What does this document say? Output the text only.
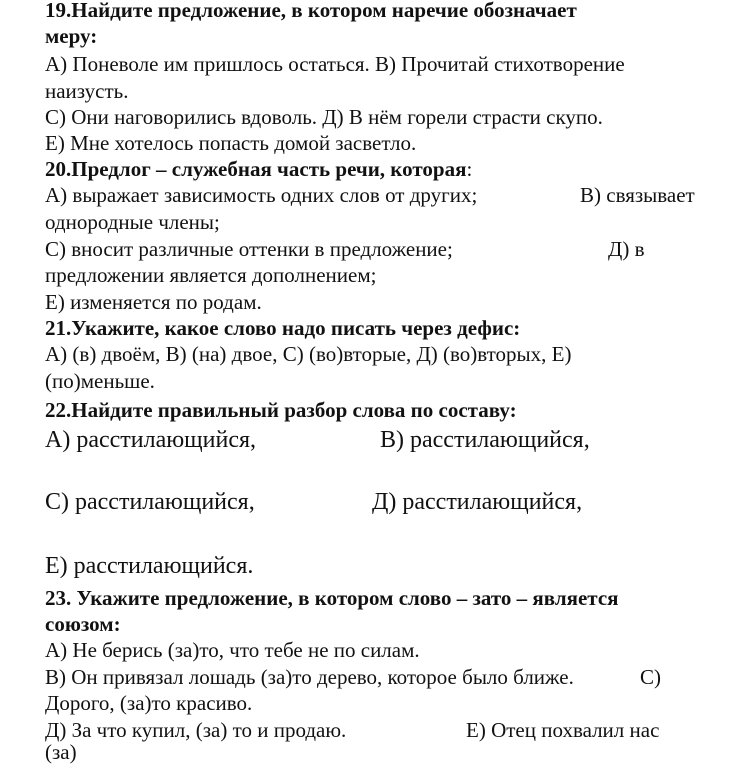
19.Найдите предложение, в котором наречие обозначает
меру:
А) Поневоле им пришлось остаться. В) Прочитай стихотворение
наизусть.
С) Они наговорились вдоволь. Д) В нём горели страсти скупо.
Е) Мне хотелось попасть домой засветло.
20.Предлог – служебная часть речи, которая:
А) выражает зависимость одних слов от других;	В) связывает
однородные члены;
С) вносит различные оттенки в предложение;	Д) в
предложении является дополнением;
Е) изменяется по родам.
21.Укажите, какое слово надо писать через дефис:
А) (в) двоём, В) (на) двое, С) (во)вторые, Д) (во)вторых, Е)
(по)меньше.
22.Найдите правильный разбор слова по составу:
А) расстилающийся,	В) расстилающийся,
С) расстилающийся,	Д) расстилающийся,
Е) расстилающийся.
23. Укажите предложение, в котором слово – зато – является
союзом:
А) Не берись (за)то, что тебе не по силам.
В) Он привязал лошадь (за)то дерево, которое было ближе.	С)
Дорого, (за)то красиво.
Д) За что купил, (за) то и продаю.	Е) Отец похвалил нас
(за)
